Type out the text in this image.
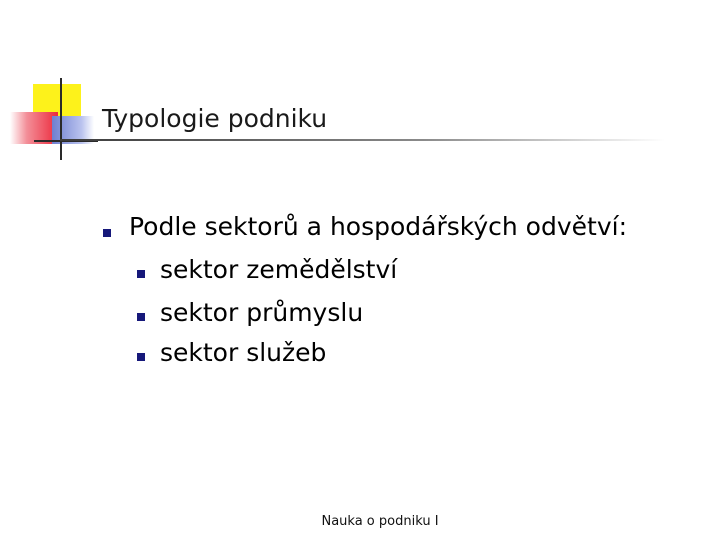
Typologie podniku
Podle sektorů a hospodářských odvětví:
sektor zemědělství
sektor průmyslu
sektor služeb
Nauka o podniku I
